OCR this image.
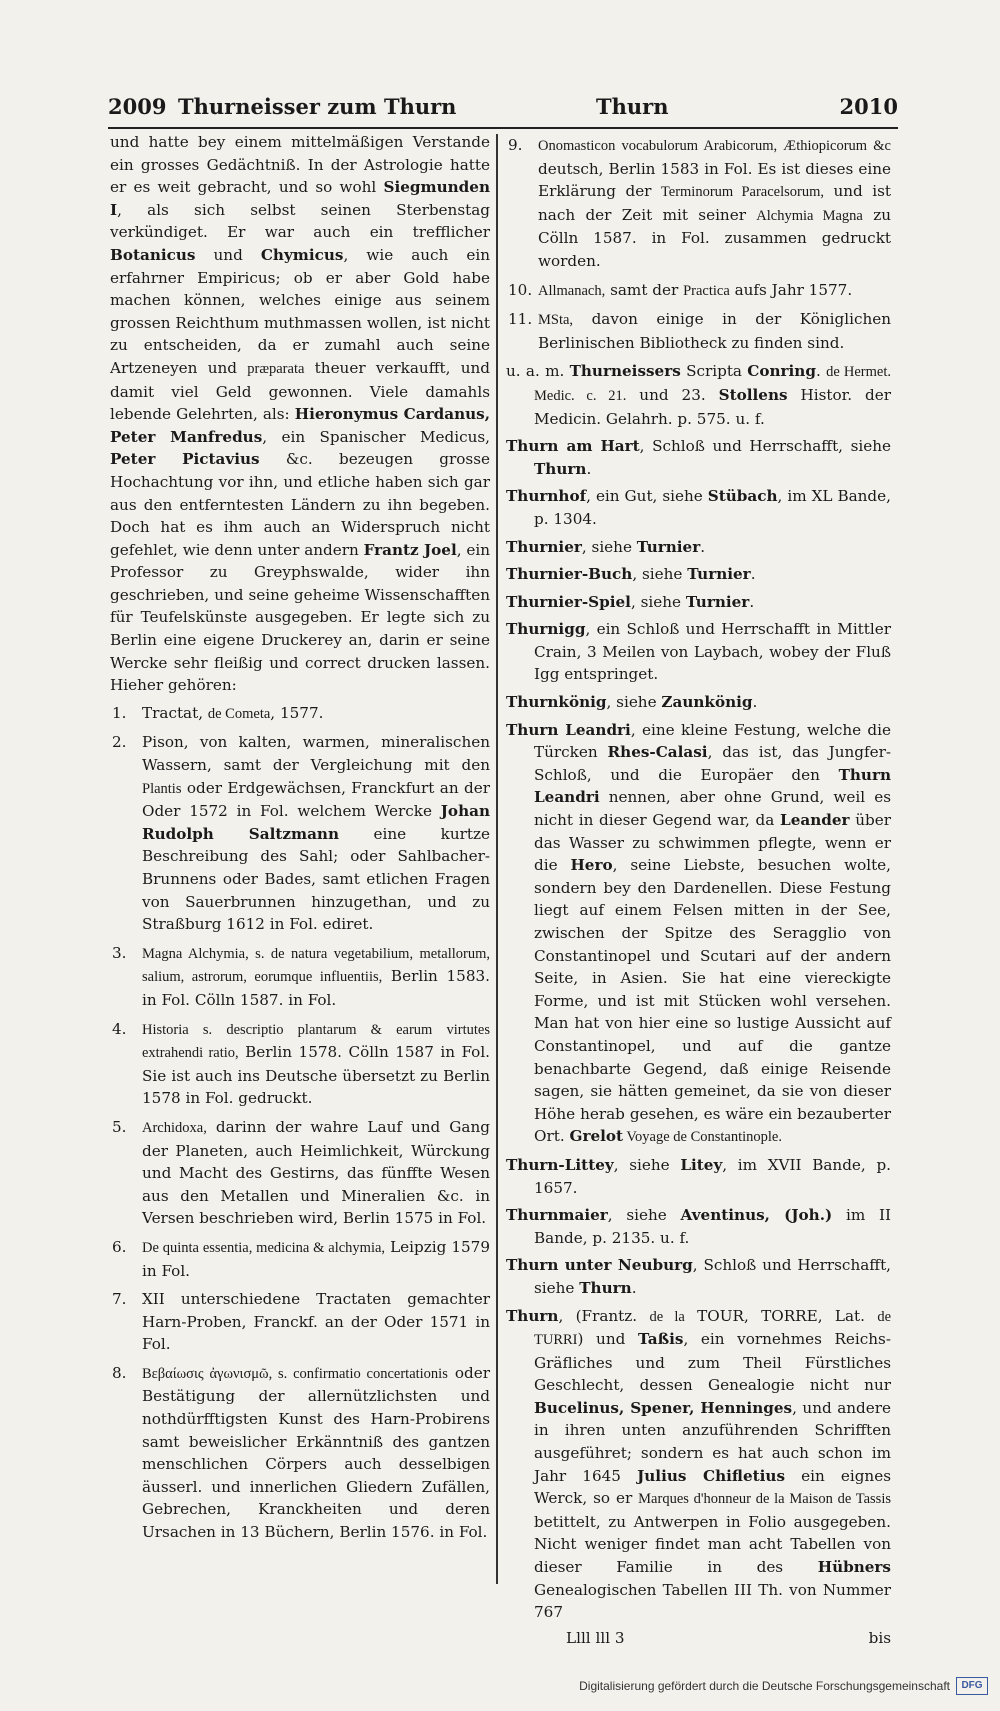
2009 Thurneisser zum Thurn	Thurn	2010

und hatte bey einem mittelmäßigen Verstande ein grosses Gedächtniß. In der Astrologie hatte er es weit gebracht, und so wohl Siegmunden I, als sich selbst seinen Sterbenstag verkündiget. Er war auch ein trefflicher Botanicus und Chymicus, wie auch ein erfahrner Empiricus; ob er aber Gold habe machen können, welches einige aus seinem grossen Reichthum muthmassen wollen, ist nicht zu entscheiden, da er zumahl auch seine Artzeneyen und præparata theuer verkaufft, und damit viel Geld gewonnen. Viele damahls lebende Gelehrten, als: Hieronymus Cardanus, Peter Manfredus, ein Spanischer Medicus, Peter Pictavius &c. bezeugen grosse Hochachtung vor ihn, und etliche haben sich gar aus den entferntesten Ländern zu ihn begeben. Doch hat es ihm auch an Widerspruch nicht gefehlet, wie denn unter andern Frantz Joel, ein Professor zu Greyphswalde, wider ihn geschrieben, und seine geheime Wissenschafften für Teufelskünste ausgegeben. Er legte sich zu Berlin eine eigene Druckerey an, darin er seine Wercke sehr fleißig und correct drucken lassen. Hieher gehören:

1.	Tractat, de Cometa, 1577.
2.	Pison, von kalten, warmen, mineralischen Wassern, samt der Vergleichung mit den Plantis oder Erdgewächsen, Franckfurt an der Oder 1572 in Fol. welchem Wercke Johan Rudolph Saltzmann eine kurtze Beschreibung des Sahl; oder Sahlbacher-Brunnens oder Bades, samt etlichen Fragen von Sauerbrunnen hinzugethan, und zu Straßburg 1612 in Fol. ediret.
3.	Magna Alchymia, s. de natura vegetabilium, metallorum, salium, astrorum, eorumque influentiis, Berlin 1583. in Fol. Cölln 1587. in Fol.
4.	Historia s. descriptio plantarum & earum virtutes extrahendi ratio, Berlin 1578. Cölln 1587 in Fol. Sie ist auch ins Deutsche übersetzt zu Berlin 1578 in Fol. gedruckt.
5.	Archidoxa, darinn der wahre Lauf und Gang der Planeten, auch Heimlichkeit, Würckung und Macht des Gestirns, das fünffte Wesen aus den Metallen und Mineralien &c. in Versen beschrieben wird, Berlin 1575 in Fol.
6.	De quinta essentia, medicina & alchymia, Leipzig 1579 in Fol.
7.	XII unterschiedene Tractaten gemachter Harn-Proben, Franckf. an der Oder 1571 in Fol.
8.	Βεβαίωσις ἀγωνισμῶ, s. confirmatio concertationis oder Bestätigung der allernützlichsten und nothdürfftigsten Kunst des Harn-Probirens samt beweislicher Erkänntniß des gantzen menschlichen Cörpers auch desselbigen äusserl. und innerlichen Gliedern Zufällen, Gebrechen, Kranckheiten und deren Ursachen in 13 Büchern, Berlin 1576. in Fol.
9.	Onomasticon vocabulorum Arabicorum, Æthiopicorum &c deutsch, Berlin 1583 in Fol. Es ist dieses eine Erklärung der Terminorum Paracelsorum, und ist nach der Zeit mit seiner Alchymia Magna zu Cölln 1587. in Fol. zusammen gedruckt worden.
10. Allmanach, samt der Practica aufs Jahr 1577.
11. MSta, davon einige in der Königlichen Berlinischen Bibliotheck zu finden sind.

u. a. m. Thurneissers Scripta Conring. de Hermet. Medic. c. 21. und 23. Stollens Histor. der Medicin. Gelahrh. p. 575. u. f.

Thurn am Hart, Schloß und Herrschafft, siehe Thurn.

Thurnhof, ein Gut, siehe Stübach, im XL Bande, p. 1304.

Thurnier, siehe Turnier.

Thurnier-Buch, siehe Turnier.

Thurnier-Spiel, siehe Turnier.

Thurnigg, ein Schloß und Herrschafft in Mittler Crain, 3 Meilen von Laybach, wobey der Fluß Igg entspringet.

Thurnkönig, siehe Zaunkönig.

Thurn Leandri, eine kleine Festung, welche die Türcken Rhes-Calasi, das ist, das Jungfer-Schloß, und die Europäer den Thurn Leandri nennen, aber ohne Grund, weil es nicht in dieser Gegend war, da Leander über das Wasser zu schwimmen pflegte, wenn er die Hero, seine Liebste, besuchen wolte, sondern bey den Dardenellen. Diese Festung liegt auf einem Felsen mitten in der See, zwischen der Spitze des Seragglio von Constantinopel und Scutari auf der andern Seite, in Asien. Sie hat eine viereckigte Forme, und ist mit Stücken wohl versehen. Man hat von hier eine so lustige Aussicht auf Constantinopel, und auf die gantze benachbarte Gegend, daß einige Reisende sagen, sie hätten gemeinet, da sie von dieser Höhe herab gesehen, es wäre ein bezauberter Ort. Grelot Voyage de Constantinople.

Thurn-Littey, siehe Litey, im XVII Bande, p. 1657.

Thurnmaier, siehe Aventinus, (Joh.) im II Bande, p. 2135. u. f.

Thurn unter Neuburg, Schloß und Herrschafft, siehe Thurn.

Thurn, (Frantz. de la TOUR, TORRE, Lat. de TURRI) und Taßis, ein vornehmes Reichs-Gräfliches und zum Theil Fürstliches Geschlecht, dessen Genealogie nicht nur Bucelinus, Spener, Henninges, und andere in ihren unten anzuführenden Schrifften ausgeführet; sondern es hat auch schon im Jahr 1645 Julius Chifletius ein eignes Werck, so er Marques d'honneur de la Maison de Tassis betittelt, zu Antwerpen in Folio ausgegeben. Nicht weniger findet man acht Tabellen von dieser Familie in des Hübners Genealogischen Tabellen III Th. von Nummer 767

Llll lll 3	bis
Digitalisierung gefördert durch die Deutsche Forschungsgemeinschaft	DFG
